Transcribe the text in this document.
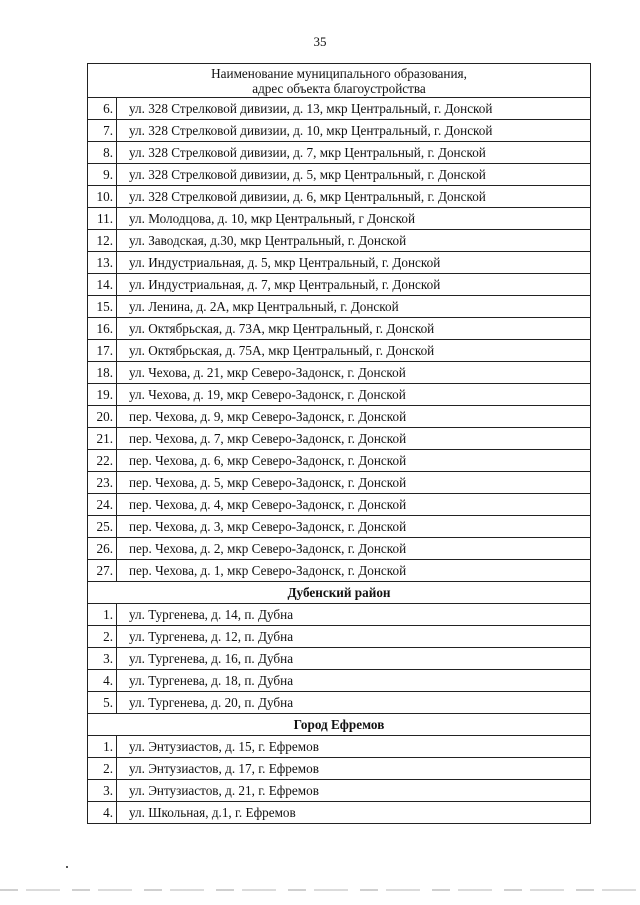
35
Наименование муниципального образования,
адрес объекта благоустройства	
6.	ул. 328 Стрелковой дивизии, д. 13, мкр Центральный, г. Донской
7.	ул. 328 Стрелковой дивизии, д. 10, мкр Центральный, г. Донской
8.	ул. 328 Стрелковой дивизии, д. 7, мкр Центральный, г. Донской
9.	ул. 328 Стрелковой дивизии, д. 5, мкр Центральный, г. Донской
10.	ул. 328 Стрелковой дивизии, д. 6, мкр Центральный, г. Донской
11.	ул. Молодцова, д. 10, мкр Центральный, г Донской
12.	ул. Заводская, д.30, мкр Центральный, г. Донской
13.	ул. Индустриальная, д. 5, мкр Центральный, г. Донской
14.	ул. Индустриальная, д. 7, мкр Центральный, г. Донской
15.	ул. Ленина, д. 2А, мкр Центральный, г. Донской
16.	ул. Октябрьская, д. 73А, мкр Центральный, г. Донской
17.	ул. Октябрьская, д. 75А, мкр Центральный, г. Донской
18.	ул. Чехова, д. 21, мкр Северо-Задонск, г. Донской
19.	ул. Чехова, д. 19, мкр Северо-Задонск, г. Донской
20.	пер. Чехова, д. 9, мкр Северо-Задонск, г. Донской
21.	пер. Чехова, д. 7, мкр Северо-Задонск, г. Донской
22.	пер. Чехова, д. 6, мкр Северо-Задонск, г. Донской
23.	пер. Чехова, д. 5, мкр Северо-Задонск, г. Донской
24.	пер. Чехова, д. 4, мкр Северо-Задонск, г. Донской
25.	пер. Чехова, д. 3, мкр Северо-Задонск, г. Донской
26.	пер. Чехова, д. 2, мкр Северо-Задонск, г. Донской
27.	пер. Чехова, д. 1, мкр Северо-Задонск, г. Донской
Дубенский район	
1.	ул. Тургенева, д. 14, п. Дубна
2.	ул. Тургенева, д. 12, п. Дубна
3.	ул. Тургенева, д. 16, п. Дубна
4.	ул. Тургенева, д. 18, п. Дубна
5.	ул. Тургенева, д. 20, п. Дубна
Город Ефремов	
1.	ул. Энтузиастов, д. 15, г. Ефремов
2.	ул. Энтузиастов, д. 17, г. Ефремов
3.	ул. Энтузиастов, д. 21, г. Ефремов
4.	ул. Школьная, д.1, г. Ефремов
